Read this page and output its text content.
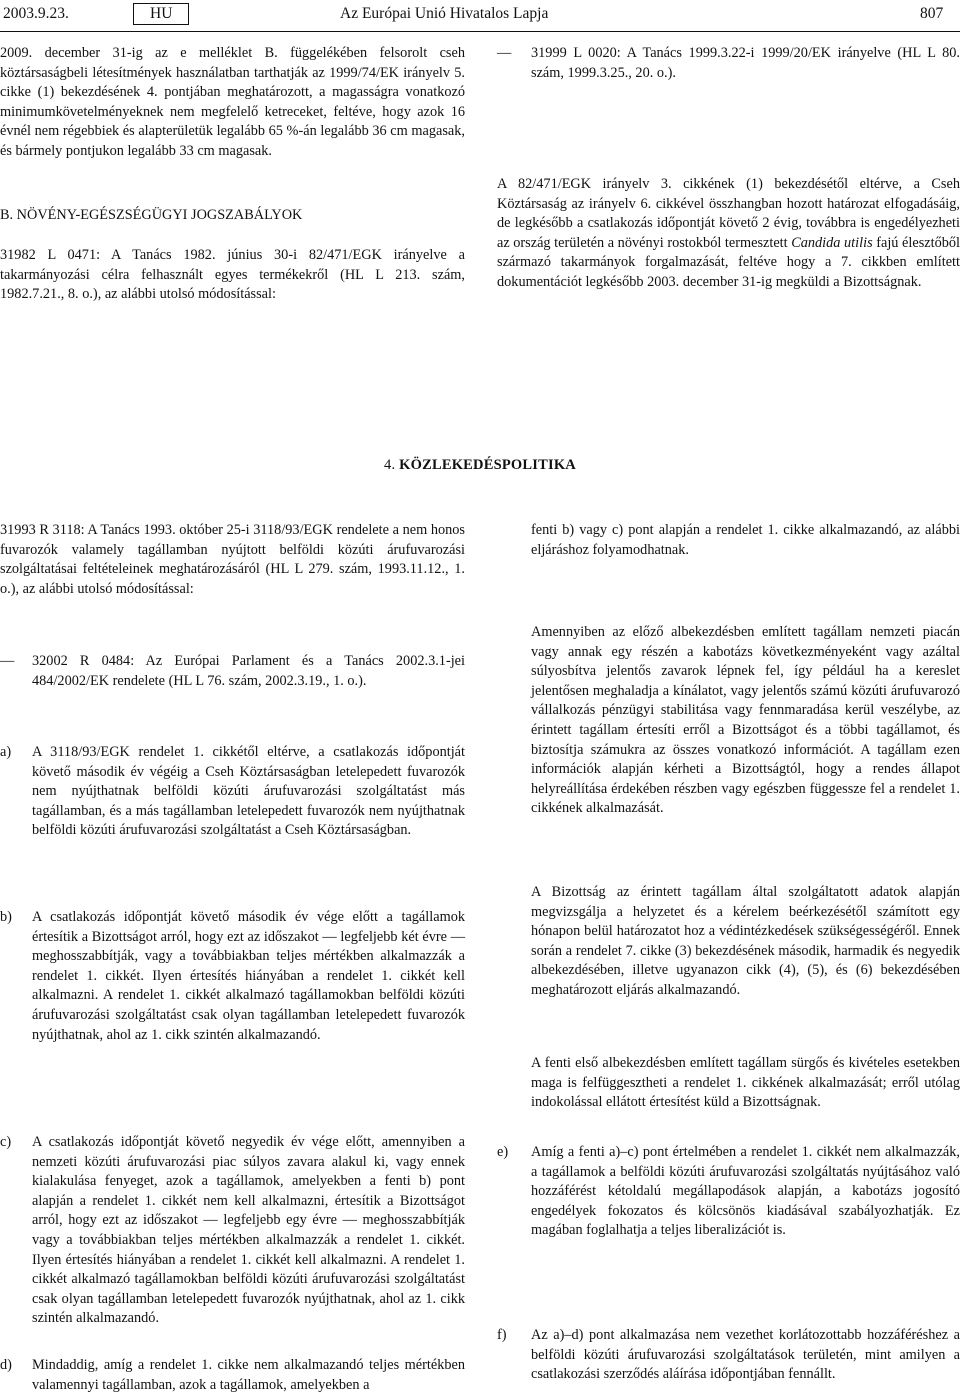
2003.9.23.	HU	Az Európai Unió Hivatalos Lapja	807
2009. december 31-ig az e melléklet B. függelékében felsorolt cseh köztársaságbeli létesítmények használatban tarthatják az 1999/74/EK irányelv 5. cikke (1) bekezdésének 4. pontjában meghatározott, a magasságra vonatkozó minimumkövetelményeknek nem megfelelő ketreceket, feltéve, hogy azok 16 évnél nem régebbiek és alapterületük legalább 65 %-án legalább 36 cm magasak, és bármely pontjukon legalább 33 cm magasak.
B. NÖVÉNY-EGÉSZSÉGÜGYI JOGSZABÁLYOK
31982 L 0471: A Tanács 1982. június 30-i 82/471/EGK irányelve a takarmányozási célra felhasznált egyes termékekről (HL L 213. szám, 1982.7.21., 8. o.), az alábbi utolsó módosítással:
—	31999 L 0020: A Tanács 1999.3.22-i 1999/20/EK irányelve (HL L 80. szám, 1999.3.25., 20. o.).
A 82/471/EGK irányelv 3. cikkének (1) bekezdésétől eltérve, a Cseh Köztársaság az irányelv 6. cikkével összhangban hozott határozat elfogadásáig, de legkésőbb a csatlakozás időpontját követő 2 évig, továbbra is engedélyezheti az ország területén a növényi rostokból termesztett Candida utilis fajú élesztőből származó takarmányok forgalmazását, feltéve hogy a 7. cikkben említett dokumentációt legkésőbb 2003. december 31-ig megküldi a Bizottságnak.
4. KÖZLEKEDÉSPOLITIKA
31993 R 3118: A Tanács 1993. október 25-i 3118/93/EGK rendelete a nem honos fuvarozók valamely tagállamban nyújtott belföldi közúti árufuvarozási szolgáltatásai feltételeinek meghatározásáról (HL L 279. szám, 1993.11.12., 1. o.), az alábbi utolsó módosítással:
—	32002 R 0484: Az Európai Parlament és a Tanács 2002.3.1-jei 484/2002/EK rendelete (HL L 76. szám, 2002.3.19., 1. o.).
a)	A 3118/93/EGK rendelet 1. cikkétől eltérve, a csatlakozás időpontját követő második év végéig a Cseh Köztársaságban letelepedett fuvarozók nem nyújthatnak belföldi közúti árufuvarozási szolgáltatást más tagállamban, és a más tagállamban letelepedett fuvarozók nem nyújthatnak belföldi közúti árufuvarozási szolgáltatást a Cseh Köztársaságban.
b)	A csatlakozás időpontját követő második év vége előtt a tagállamok értesítik a Bizottságot arról, hogy ezt az időszakot — legfeljebb két évre — meghosszabbítják, vagy a továbbiakban teljes mértékben alkalmazzák a rendelet 1. cikkét. Ilyen értesítés hiányában a rendelet 1. cikkét kell alkalmazni. A rendelet 1. cikkét alkalmazó tagállamokban belföldi közúti árufuvarozási szolgáltatást csak olyan tagállamban letelepedett fuvarozók nyújthatnak, ahol az 1. cikk szintén alkalmazandó.
c)	A csatlakozás időpontját követő negyedik év vége előtt, amennyiben a nemzeti közúti árufuvarozási piac súlyos zavara alakul ki, vagy ennek kialakulása fenyeget, azok a tagállamok, amelyekben a fenti b) pont alapján a rendelet 1. cikkét nem kell alkalmazni, értesítik a Bizottságot arról, hogy ezt az időszakot — legfeljebb egy évre — meghosszabbítják vagy a továbbiakban teljes mértékben alkalmazzák a rendelet 1. cikkét. Ilyen értesítés hiányában a rendelet 1. cikkét kell alkalmazni. A rendelet 1. cikkét alkalmazó tagállamokban belföldi közúti árufuvarozási szolgáltatást csak olyan tagállamban letelepedett fuvarozók nyújthatnak, ahol az 1. cikk szintén alkalmazandó.
d)	Mindaddig, amíg a rendelet 1. cikke nem alkalmazandó teljes mértékben valamennyi tagállamban, azok a tagállamok, amelyekben a
fenti b) vagy c) pont alapján a rendelet 1. cikke alkalmazandó, az alábbi eljáráshoz folyamodhatnak.
Amennyiben az előző albekezdésben említett tagállam nemzeti piacán vagy annak egy részén a kabotázs következményeként vagy azáltal súlyosbítva jelentős zavarok lépnek fel, így például ha a kereslet jelentősen meghaladja a kínálatot, vagy jelentős számú közúti árufuvarozó vállalkozás pénzügyi stabilitása vagy fennmaradása kerül veszélybe, az érintett tagállam értesíti erről a Bizottságot és a többi tagállamot, és biztosítja számukra az összes vonatkozó információt. A tagállam ezen információk alapján kérheti a Bizottságtól, hogy a rendes állapot helyreállítása érdekében részben vagy egészben függessze fel a rendelet 1. cikkének alkalmazását.
A Bizottság az érintett tagállam által szolgáltatott adatok alapján megvizsgálja a helyzetet és a kérelem beérkezésétől számított egy hónapon belül határozatot hoz a védintézkedések szükségességéről. Ennek során a rendelet 7. cikke (3) bekezdésének második, harmadik és negyedik albekezdésében, illetve ugyanazon cikk (4), (5), és (6) bekezdésében meghatározott eljárás alkalmazandó.
A fenti első albekezdésben említett tagállam sürgős és kivételes esetekben maga is felfüggesztheti a rendelet 1. cikkének alkalmazását; erről utólag indokolással ellátott értesítést küld a Bizottságnak.
e)	Amíg a fenti a)–c) pont értelmében a rendelet 1. cikkét nem alkalmazzák, a tagállamok a belföldi közúti árufuvarozási szolgáltatás nyújtásához való hozzáférést kétoldalú megállapodások alapján, a kabotázs jogosító engedélyek fokozatos és kölcsönös kiadásával szabályozhatják. Ez magában foglalhatja a teljes liberalizációt is.
f)	Az a)–d) pont alkalmazása nem vezethet korlátozottabb hozzáféréshez a belföldi közúti árufuvarozási szolgáltatások területén, mint amilyen a csatlakozási szerződés aláírása időpontjában fennállt.
